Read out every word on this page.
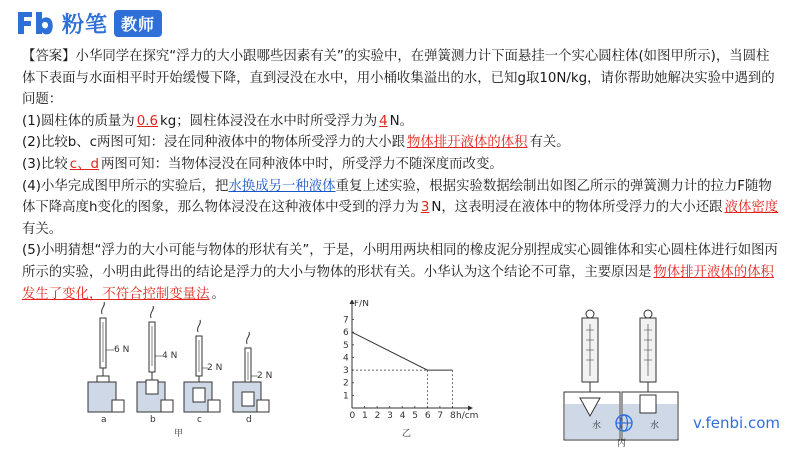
粉笔 教师

【答案】小华同学在探究“浮力的大小跟哪些因素有关”的实验中，在弹簧测力计下面悬挂一个实心圆柱体(如图甲所示)，当圆柱体下表面与水面相平时开始缓慢下降，直到浸没在水中，用小桶收集溢出的水，已知g取10N/kg，请你帮助她解决实验中遇到的问题：

(1)圆柱体的质量为 0.6 kg；圆柱体浸没在水中时所受浮力为 4 N。

(2)比较b、c两图可知：浸在同种液体中的物体所受浮力的大小跟 物体排开液体的体积 有关。

(3)比较 c、d 两图可知：当物体浸没在同种液体中时，所受浮力不随深度而改变。

(4)小华完成图甲所示的实验后，把水换成另一种液体重复上述实验，根据实验数据绘制出如图乙所示的弹簧测力计的拉力F随物体下降高度h变化的图象，那么物体浸没在这种液体中受到的浮力为 3 N，这表明浸在液体中的物体所受浮力的大小还跟 液体密度有关。

(5)小明猜想“浮力的大小可能与物体的形状有关”，于是，小明用两块相同的橡皮泥分别捏成实心圆锥体和实心圆柱体进行如图丙所示的实验，小明由此得出的结论是浮力的大小与物体的形状有关。小华认为这个结论不可靠，主要原因是 物体排开液体的体积发生了变化，不符合控制变量法 。

6 N
a
4 N
b
2 N
c
2 N
d
甲
0 1 2 3 4 5 6 7 8
1
2
3
4
5
6
7
F/N
h/cm
乙
水	水
丙
v.fenbi.com
